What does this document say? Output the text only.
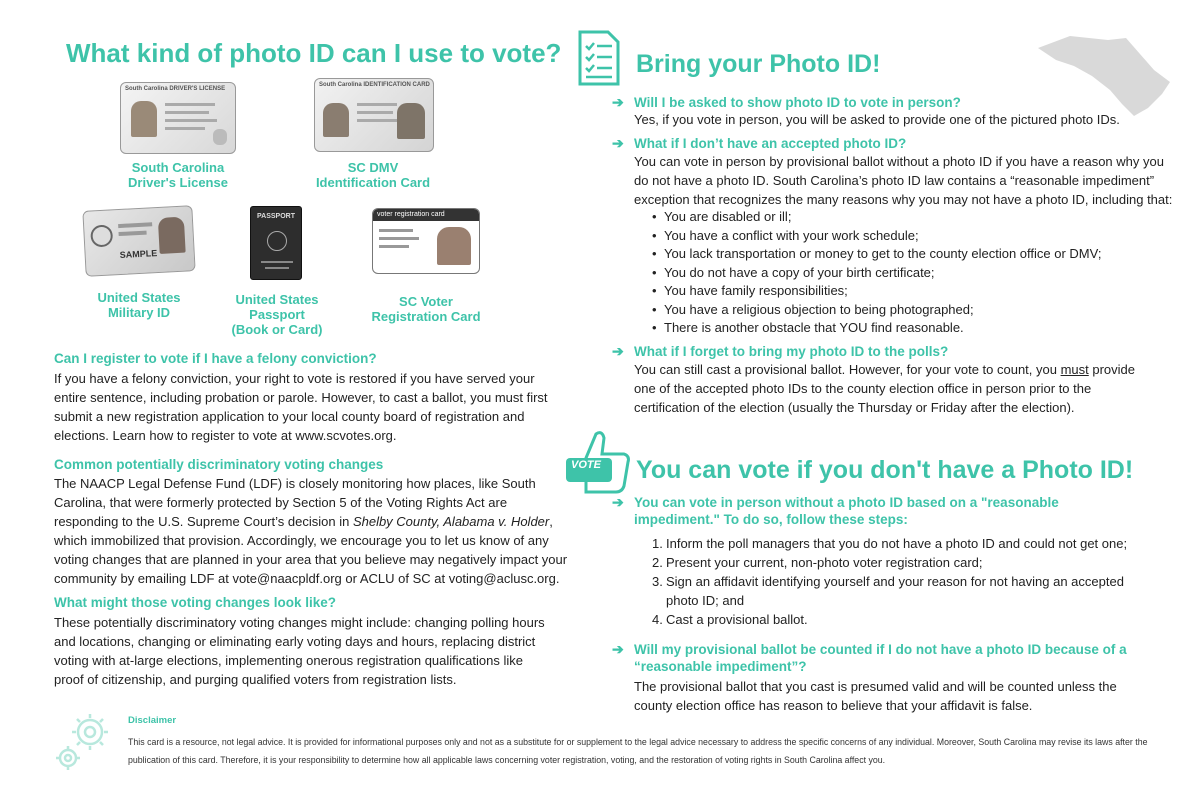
What kind of photo ID can I use to vote?
South Carolina DRIVER'S LICENSE
South Carolina
Driver's License
South Carolina IDENTIFICATION CARD
SC DMV
Identification Card
SAMPLE
United States
Military ID
PASSPORT
United States
Passport
(Book or Card)
voter registration card
SC Voter
Registration Card
Can I register to vote if I have a felony conviction?
If you have a felony conviction, your right to vote is restored if you have served your
entire sentence, including probation or parole. However, to cast a ballot, you must first
submit a new registration application to your local county board of registration and
elections. Learn how to register to vote at www.scvotes.org.
Common potentially discriminatory voting changes
The NAACP Legal Defense Fund (LDF) is closely monitoring how places, like South
Carolina, that were formerly protected by Section 5 of the Voting Rights Act are
responding to the U.S. Supreme Court’s decision in Shelby County, Alabama v. Holder,
which immobilized that provision. Accordingly, we encourage you to let us know of any
voting changes that are planned in your area that you believe may negatively impact your
community by emailing LDF at vote@naacpldf.org or ACLU of SC at voting@aclusc.org.
What might those voting changes look like?
These potentially discriminatory voting changes might include: changing polling hours
and locations, changing or eliminating early voting days and hours, replacing district
voting with at-large elections, implementing onerous registration qualifications like
proof of citizenship, and purging qualified voters from registration lists.
Bring your Photo ID!
➔ Will I be asked to show photo ID to vote in person?
Yes, if you vote in person, you will be asked to provide one of the pictured photo IDs.
➔ What if I don’t have an accepted photo ID?
You can vote in person by provisional ballot without a photo ID if you have a reason why you
do not have a photo ID. South Carolina’s photo ID law contains a “reasonable impediment”
exception that recognizes the many reasons why you may not have a photo ID, including that:
• You are disabled or ill;
• You have a conflict with your work schedule;
• You lack transportation or money to get to the county election office or DMV;
• You do not have a copy of your birth certificate;
• You have family responsibilities;
• You have a religious objection to being photographed;
• There is another obstacle that YOU find reasonable.
➔ What if I forget to bring my photo ID to the polls?
You can still cast a provisional ballot. However, for your vote to count, you must provide
one of the accepted photo IDs to the county election office in person prior to the
certification of the election (usually the Thursday or Friday after the election).
VOTE You can vote if you don't have a Photo ID!
➔ You can vote in person without a photo ID based on a "reasonable
impediment." To do so, follow these steps:
1. Inform the poll managers that you do not have a photo ID and could not get one;
2. Present your current, non-photo voter registration card;
3. Sign an affidavit identifying yourself and your reason for not having an accepted
photo ID; and
4. Cast a provisional ballot.
➔ Will my provisional ballot be counted if I do not have a photo ID because of a
“reasonable impediment”?
The provisional ballot that you cast is presumed valid and will be counted unless the
county election office has reason to believe that your affidavit is false.
Disclaimer
This card is a resource, not legal advice. It is provided for informational purposes only and not as a substitute for or supplement to the legal advice necessary to address the specific concerns of any individual. Moreover, South Carolina may revise its laws after the publication of this card. Therefore, it is your responsibility to determine how all applicable laws concerning voter registration, voting, and the restoration of voting rights in South Carolina affect you.
